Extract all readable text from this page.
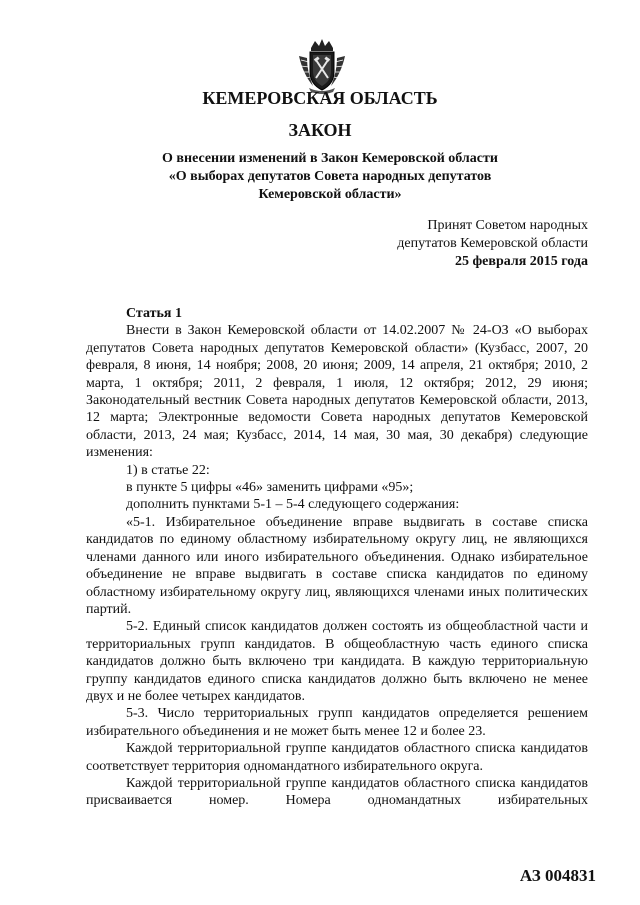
КЕМЕРОВСКАЯ ОБЛАСТЬ
ЗАКОН
О внесении изменений в Закон Кемеровской области
«О выборах депутатов Совета народных депутатов
Кемеровской области»
Принят Советом народных
депутатов Кемеровской области
25 февраля 2015 года
Статья 1

Внести в Закон Кемеровской области от 14.02.2007 № 24-ОЗ «О выборах депутатов Совета народных депутатов Кемеровской области» (Кузбасс, 2007, 20 февраля, 8 июня, 14 ноября; 2008, 20 июня; 2009, 14 апреля, 21 октября; 2010, 2 марта, 1 октября; 2011, 2 февраля, 1 июля, 12 октября; 2012, 29 июня; Законодательный вестник Совета народных депутатов Кемеровской области, 2013, 12 марта; Электронные ведомости Совета народных депутатов Кемеровской области, 2013, 24 мая; Кузбасс, 2014, 14 мая, 30 мая, 30 декабря) следующие изменения:

1) в статье 22:

в пункте 5 цифры «46» заменить цифрами «95»;

дополнить пунктами 5-1 – 5-4 следующего содержания:

«5-1. Избирательное объединение вправе выдвигать в составе списка кандидатов по единому областному избирательному округу лиц, не являющихся членами данного или иного избирательного объединения. Однако избирательное объединение не вправе выдвигать в составе списка кандидатов по единому областному избирательному округу лиц, являющихся членами иных политических партий.

5-2. Единый список кандидатов должен состоять из общеобластной части и территориальных групп кандидатов. В общеобластную часть единого списка кандидатов должно быть включено три кандидата. В каждую территориальную группу кандидатов единого списка кандидатов должно быть включено не менее двух и не более четырех кандидатов.

5-3. Число территориальных групп кандидатов определяется решением избирательного объединения и не может быть менее 12 и более 23.

Каждой территориальной группе кандидатов областного списка кандидатов соответствует территория одномандатного избирательного округа.

Каждой территориальной группе кандидатов областного списка кандидатов присваивается номер. Номера одномандатных избирательных

АЗ 004831
